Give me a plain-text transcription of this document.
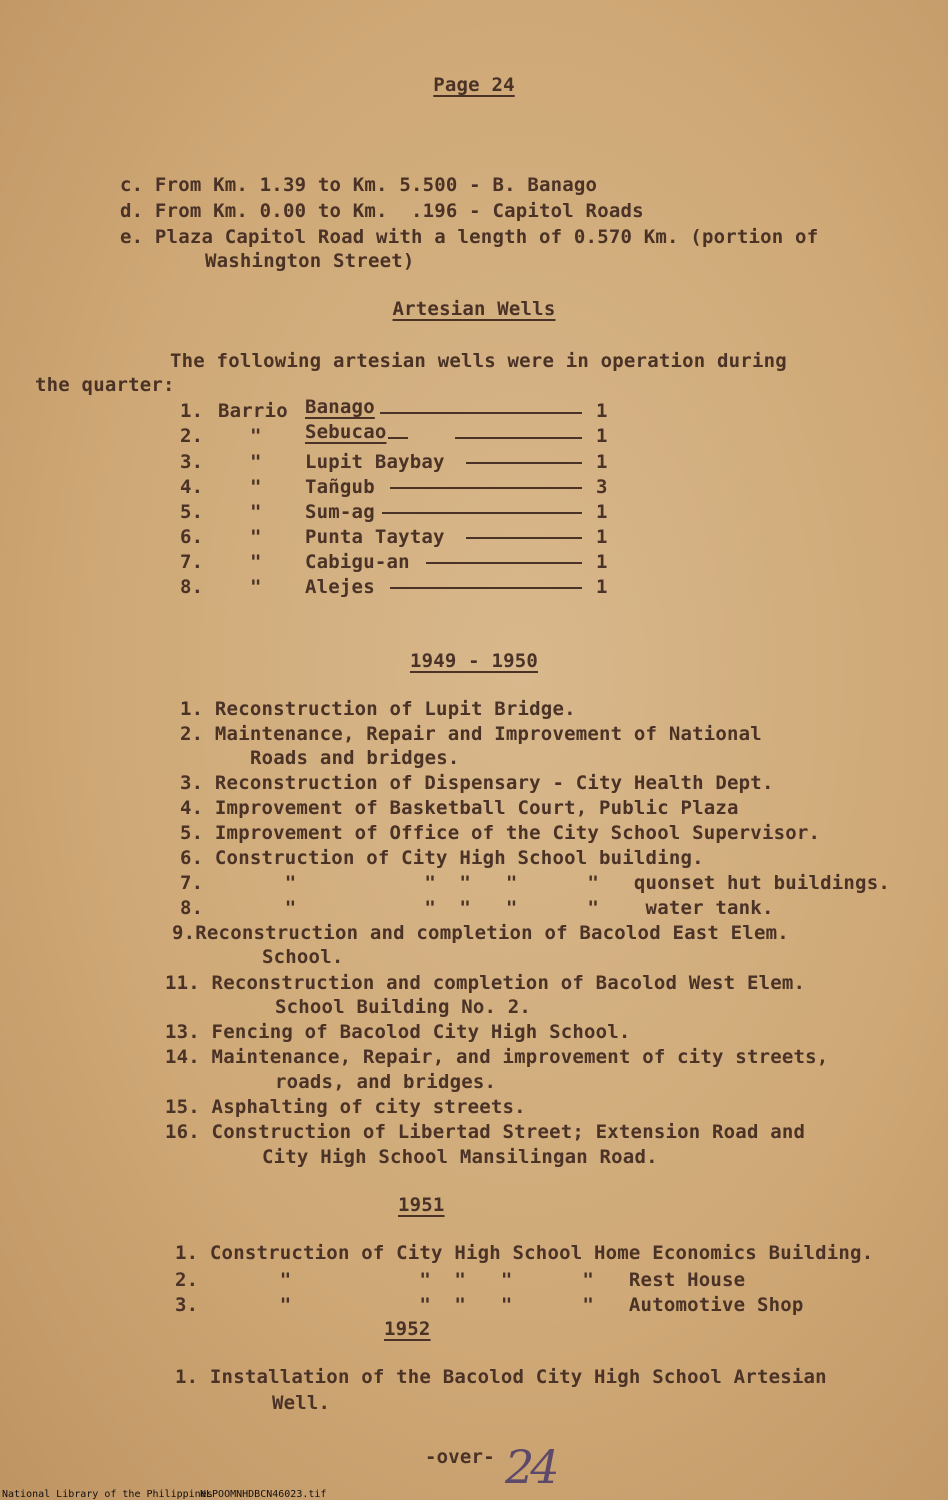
Page 24
c. From Km. 1.39 to Km. 5.500 - B. Banago
d. From Km. 0.00 to Km.  .196 - Capitol Roads
e. Plaza Capitol Road with a length of 0.570 Km. (portion of
Washington Street)
Artesian Wells
The following artesian wells were in operation during
the quarter:
1. Barrio Banago	1
2. " Sebucao	1
3. " Lupit Baybay	1
4. " Tañgub	3
5. " Sum-ag	1
6. " Punta Taytay	1
7. " Cabigu-an	1
8. " Alejes	1
1949 - 1950
1. Reconstruction of Lupit Bridge.
2. Maintenance, Repair and Improvement of National
Roads and bridges.
3. Reconstruction of Dispensary - City Health Dept.
4. Improvement of Basketball Court, Public Plaza
5. Improvement of Office of the City School Supervisor.
6. Construction of City High School building.
7.       "           "  "   "      "   quonset hut buildings.
8.       "           "  "   "      "    water tank.
9.Reconstruction and completion of Bacolod East Elem.
School.
11. Reconstruction and completion of Bacolod West Elem.
School Building No. 2.
13. Fencing of Bacolod City High School.
14. Maintenance, Repair, and improvement of city streets,
roads, and bridges.
15. Asphalting of city streets.
16. Construction of Libertad Street; Extension Road and
City High School Mansilingan Road.
1951
1. Construction of City High School Home Economics Building.
2.       "           "  "   "      "   Rest House
3.       "           "  "   "      "   Automotive Shop
1952
1. Installation of the Bacolod City High School Artesian
Well.
-over- 24
National Library of the Philippines
NLPOOMNHDBCN46023.tif
